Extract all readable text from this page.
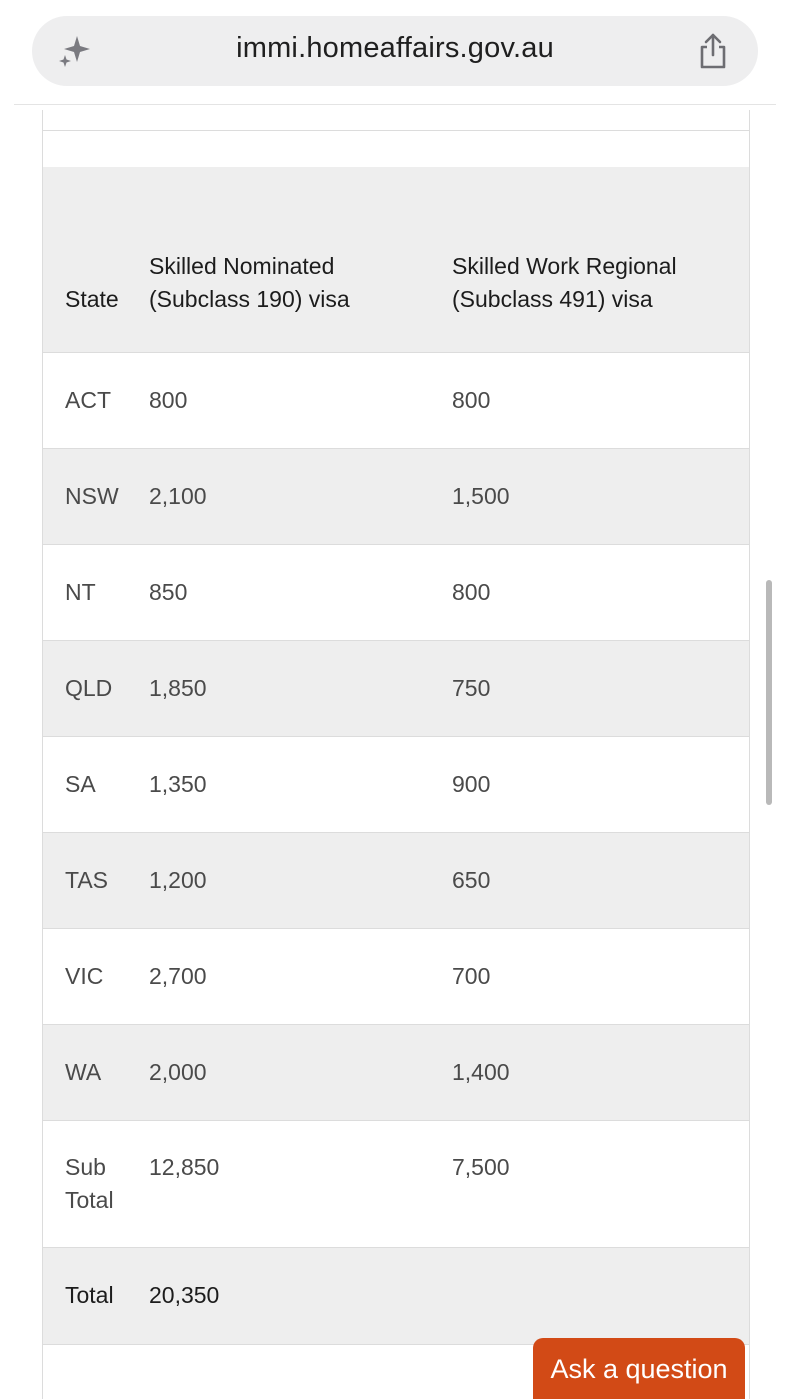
immi.homeaffairs.gov.au
State	Skilled Nominated (Subclass 190) visa	Skilled Work Regional (Subclass 491) visa
ACT	800	800
NSW	2,100	1,500
NT	850	800
QLD	1,850	750
SA	1,350	900
TAS	1,200	650
VIC	2,700	700
WA	2,000	1,400
Sub Total	12,850	7,500
Total	20,350	
Ask a question
